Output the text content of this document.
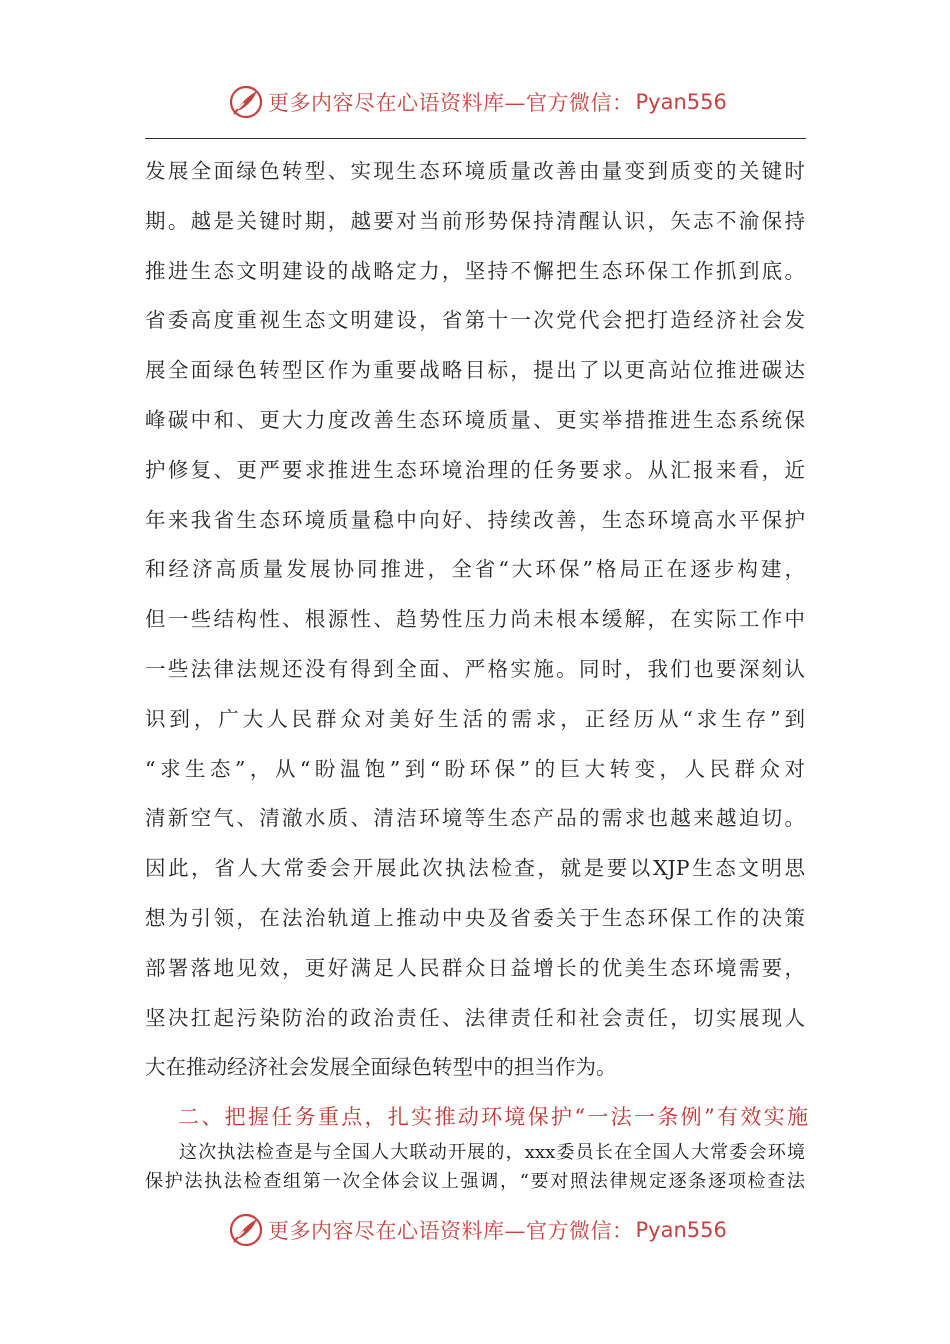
更多内容尽在心语资料库—官方微信： Pyan556
发展全面绿色转型、实现生态环境质量改善由量变到质变的关键时
期。越是关键时期，越要对当前形势保持清醒认识，矢志不渝保持
推进生态文明建设的战略定力，坚持不懈把生态环保工作抓到底。
省委高度重视生态文明建设，省第十一次党代会把打造经济社会发
展全面绿色转型区作为重要战略目标，提出了以更高站位推进碳达
峰碳中和、更大力度改善生态环境质量、更实举措推进生态系统保
护修复、更严要求推进生态环境治理的任务要求。从汇报来看，近
年来我省生态环境质量稳中向好、持续改善，生态环境高水平保护
和经济高质量发展协同推进，全省“大环保”格局正在逐步构建，
但一些结构性、根源性、趋势性压力尚未根本缓解，在实际工作中
一些法律法规还没有得到全面、严格实施。同时，我们也要深刻认
识到，广大人民群众对美好生活的需求，正经历从“求生存”到
“求生态”，从“盼温饱”到“盼环保”的巨大转变，人民群众对
清新空气、清澈水质、清洁环境等生态产品的需求也越来越迫切。
因此，省人大常委会开展此次执法检查，就是要以XJP生态文明思
想为引领，在法治轨道上推动中央及省委关于生态环保工作的决策
部署落地见效，更好满足人民群众日益增长的优美生态环境需要，
坚决扛起污染防治的政治责任、法律责任和社会责任，切实展现人
大在推动经济社会发展全面绿色转型中的担当作为。
二、把握任务重点，扎实推动环境保护“一法一条例”有效实施
这次执法检查是与全国人大联动开展的，xxx委员长在全国人大常委会环境
保护法执法检查组第一次全体会议上强调，“要对照法律规定逐条逐项检查法
更多内容尽在心语资料库—官方微信： Pyan556
